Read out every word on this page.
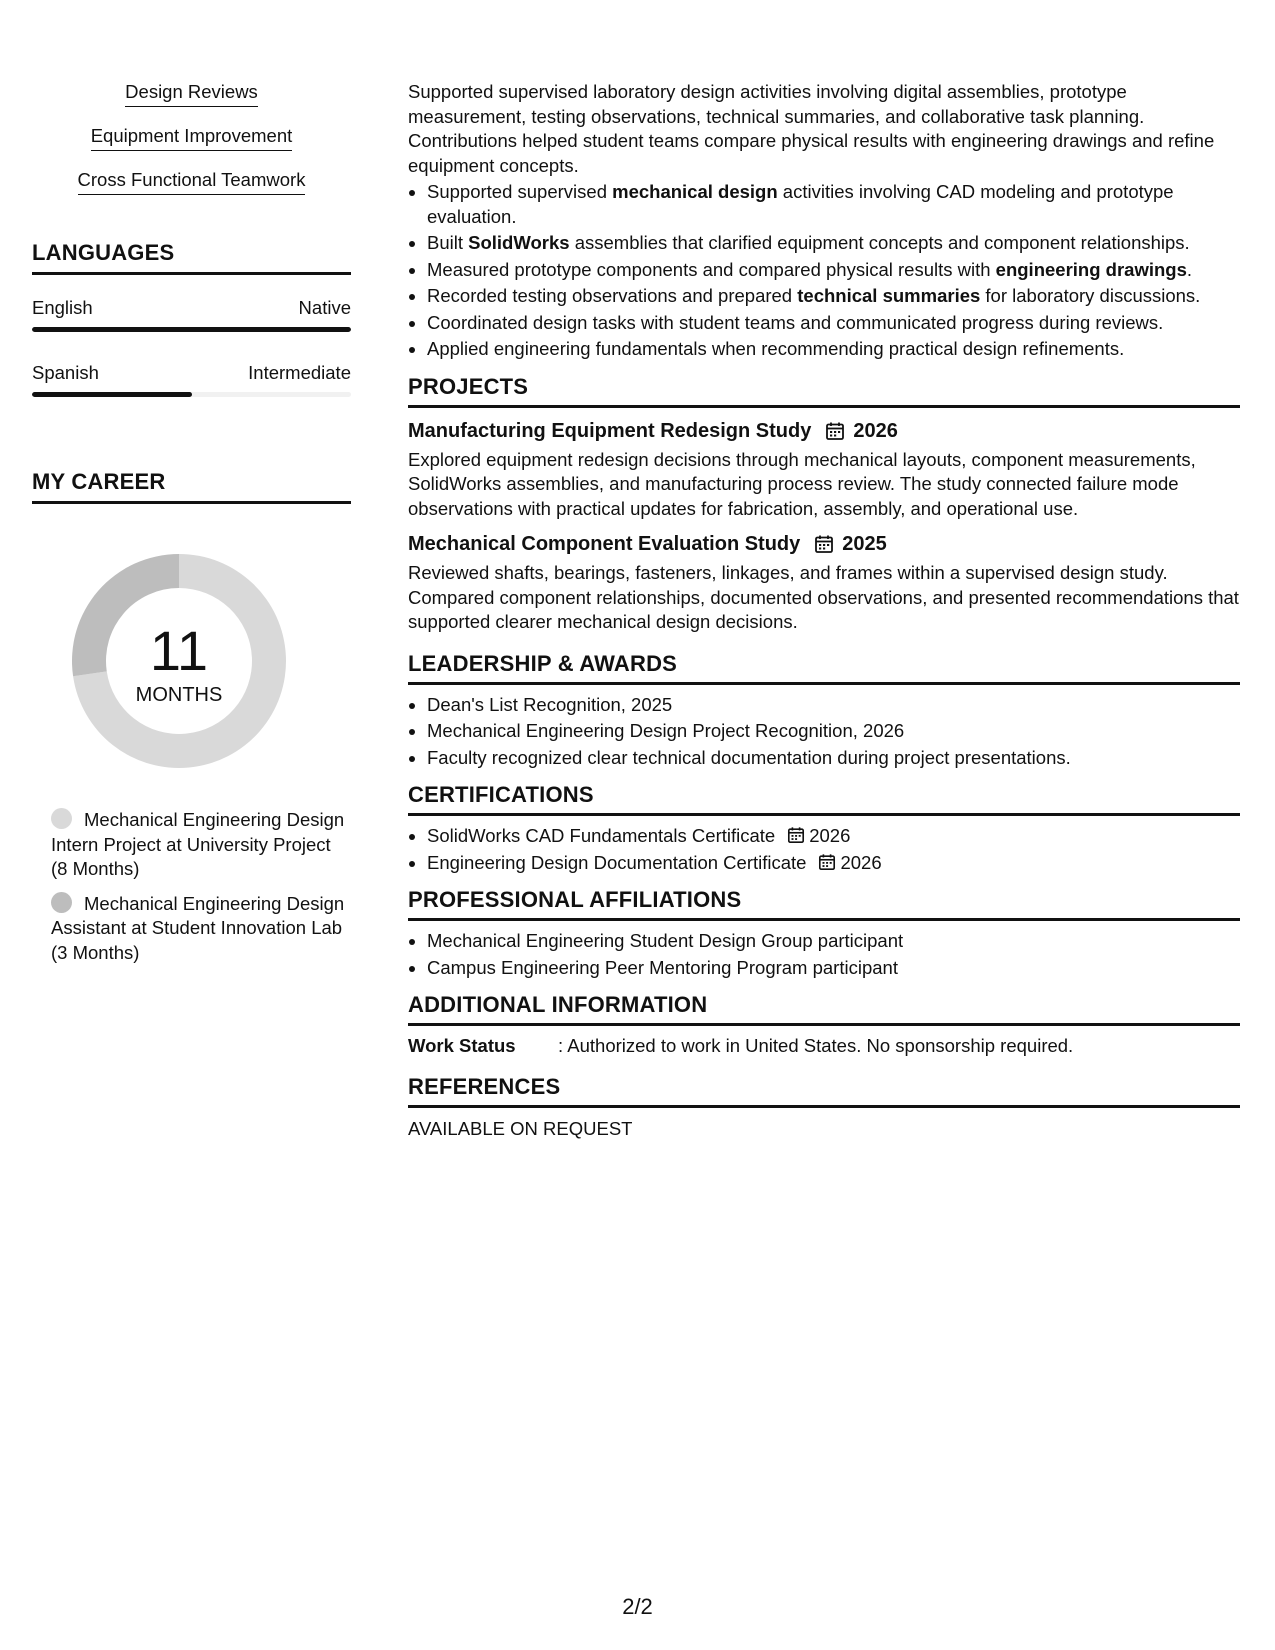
Design Reviews
Equipment Improvement
Cross Functional Teamwork
LANGUAGES
English	Native
Spanish	Intermediate
MY CAREER
11
MONTHS
Mechanical Engineering Design Intern Project at University Project (8 Months)
Mechanical Engineering Design Assistant at Student Innovation Lab (3 Months)

Supported supervised laboratory design activities involving digital assemblies, prototype measurement, testing observations, technical summaries, and collaborative task planning. Contributions helped student teams compare physical results with engineering drawings and refine equipment concepts.

• Supported supervised mechanical design activities involving CAD modeling and prototype evaluation.
• Built SolidWorks assemblies that clarified equipment concepts and component relationships.
• Measured prototype components and compared physical results with engineering drawings.
• Recorded testing observations and prepared technical summaries for laboratory discussions.
• Coordinated design tasks with student teams and communicated progress during reviews.
• Applied engineering fundamentals when recommending practical design refinements.
PROJECTS
Manufacturing Equipment Redesign Study 2026

Explored equipment redesign decisions through mechanical layouts, component measurements, SolidWorks assemblies, and manufacturing process review. The study connected failure mode observations with practical updates for fabrication, assembly, and operational use.

Mechanical Component Evaluation Study 2025

Reviewed shafts, bearings, fasteners, linkages, and frames within a supervised design study. Compared component relationships, documented observations, and presented recommendations that supported clearer mechanical design decisions.

LEADERSHIP & AWARDS
• Dean's List Recognition, 2025
• Mechanical Engineering Design Project Recognition, 2026
• Faculty recognized clear technical documentation during project presentations.
CERTIFICATIONS
• SolidWorks CAD Fundamentals Certificate 2026
• Engineering Design Documentation Certificate 2026
PROFESSIONAL AFFILIATIONS
• Mechanical Engineering Student Design Group participant
• Campus Engineering Peer Mentoring Program participant
ADDITIONAL INFORMATION
Work Status	: Authorized to work in United States. No sponsorship required.
REFERENCES

AVAILABLE ON REQUEST

2/2
